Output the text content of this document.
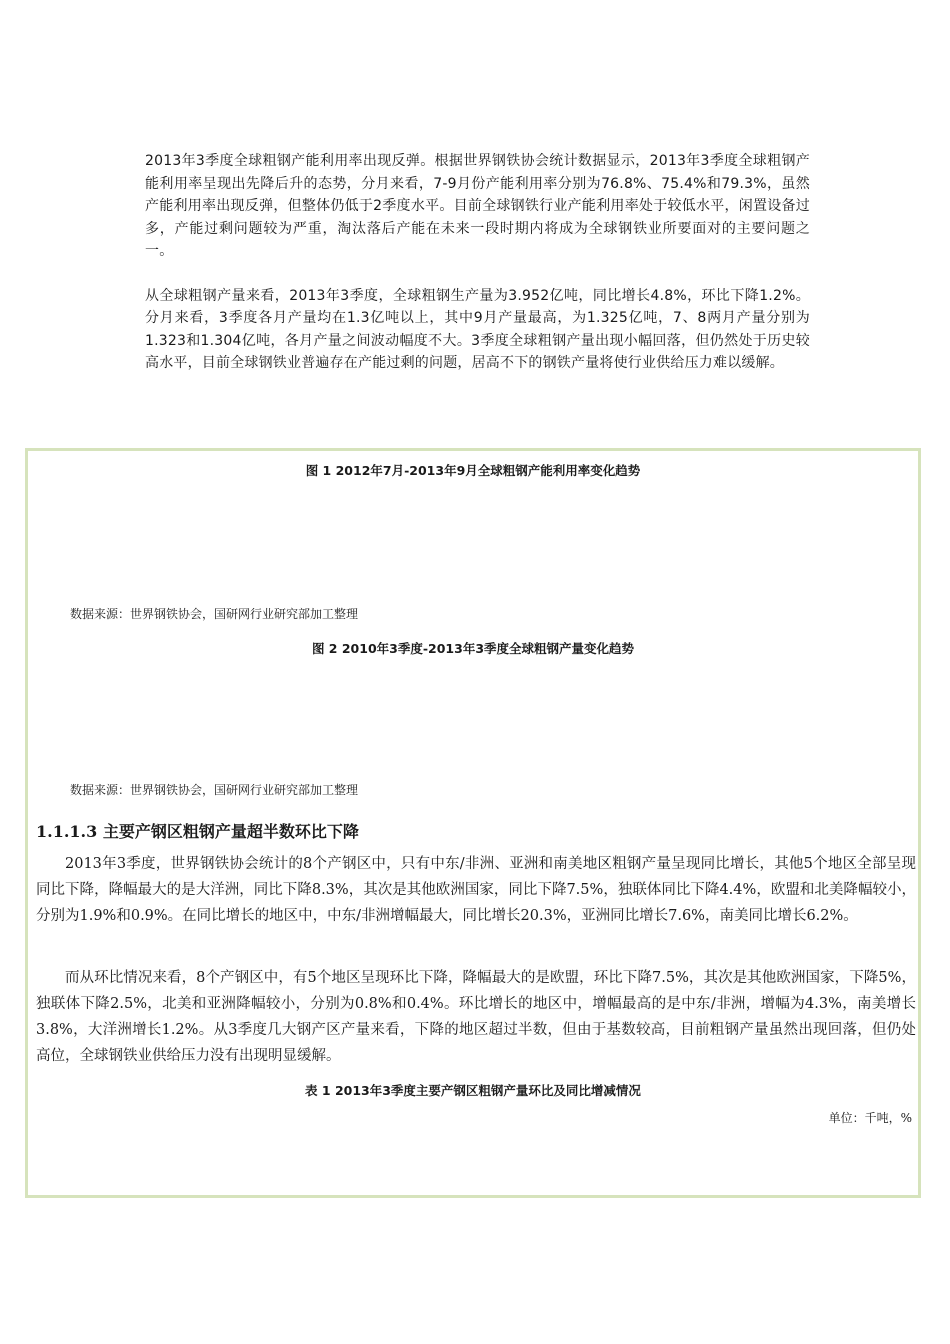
2013年3季度全球粗钢产能利用率出现反弹。根据世界钢铁协会统计数据显示，2013年3季度全球粗钢产能利用率呈现出先降后升的态势，分月来看，7-9月份产能利用率分别为76.8%、75.4%和79.3%，虽然产能利用率出现反弹，但整体仍低于2季度水平。目前全球钢铁行业产能利用率处于较低水平，闲置设备过多，产能过剩问题较为严重，淘汰落后产能在未来一段时期内将成为全球钢铁业所要面对的主要问题之一。

从全球粗钢产量来看，2013年3季度，全球粗钢生产量为3.952亿吨，同比增长4.8%，环比下降1.2%。分月来看，3季度各月产量均在1.3亿吨以上，其中9月产量最高，为1.325亿吨，7、8两月产量分别为1.323和1.304亿吨，各月产量之间波动幅度不大。3季度全球粗钢产量出现小幅回落，但仍然处于历史较高水平，目前全球钢铁业普遍存在产能过剩的问题，居高不下的钢铁产量将使行业供给压力难以缓解。

图 1 2012年7月-2013年9月全球粗钢产能利用率变化趋势
数据来源：世界钢铁协会，国研网行业研究部加工整理
图 2 2010年3季度-2013年3季度全球粗钢产量变化趋势
数据来源：世界钢铁协会，国研网行业研究部加工整理
1.1.1.3 主要产钢区粗钢产量超半数环比下降

2013年3季度，世界钢铁协会统计的8个产钢区中，只有中东/非洲、亚洲和南美地区粗钢产量呈现同比增长，其他5个地区全部呈现同比下降，降幅最大的是大洋洲，同比下降8.3%，其次是其他欧洲国家，同比下降7.5%，独联体同比下降4.4%，欧盟和北美降幅较小，分别为1.9%和0.9%。在同比增长的地区中，中东/非洲增幅最大，同比增长20.3%，亚洲同比增长7.6%，南美同比增长6.2%。

而从环比情况来看，8个产钢区中，有5个地区呈现环比下降，降幅最大的是欧盟，环比下降7.5%，其次是其他欧洲国家，下降5%，独联体下降2.5%，北美和亚洲降幅较小，分别为0.8%和0.4%。环比增长的地区中，增幅最高的是中东/非洲，增幅为4.3%，南美增长3.8%，大洋洲增长1.2%。从3季度几大钢产区产量来看，下降的地区超过半数，但由于基数较高，目前粗钢产量虽然出现回落，但仍处高位，全球钢铁业供给压力没有出现明显缓解。

表 1 2013年3季度主要产钢区粗钢产量环比及同比增减情况
单位：千吨，%
